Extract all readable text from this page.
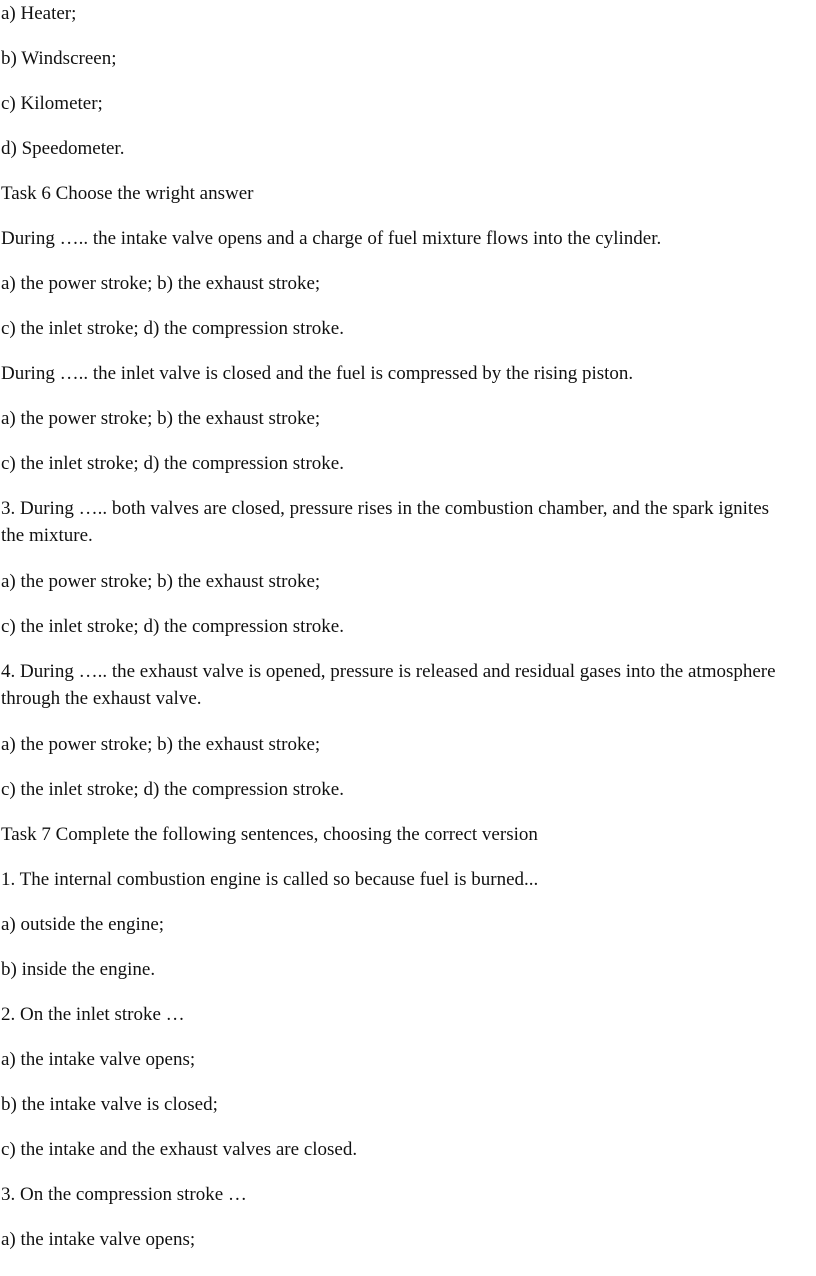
a) Heater;
b) Windscreen;
c) Kilometer;
d) Speedometer.
Task 6 Choose the wright answer
During ….. the intake valve opens and a charge of fuel mixture flows into the cylinder.
a) the power stroke; b) the exhaust stroke;
c) the inlet stroke; d) the compression stroke.
During ….. the inlet valve is closed and the fuel is compressed by the rising piston.
a) the power stroke; b) the exhaust stroke;
c) the inlet stroke; d) the compression stroke.
3. During ….. both valves are closed, pressure rises in the combustion chamber, and the spark ignites the mixture.
a) the power stroke; b) the exhaust stroke;
c) the inlet stroke; d) the compression stroke.
4. During ….. the exhaust valve is opened, pressure is released and residual gases into the atmosphere through the exhaust valve.
a) the power stroke; b) the exhaust stroke;
c) the inlet stroke; d) the compression stroke.
Task 7 Complete the following sentences, choosing the correct version
1. The internal combustion engine is called so because fuel is burned...
a) outside the engine;
b) inside the engine.
2. On the inlet stroke …
a) the intake valve opens;
b) the intake valve is closed;
c) the intake and the exhaust valves are closed.
3. On the compression stroke …
a) the intake valve opens;
